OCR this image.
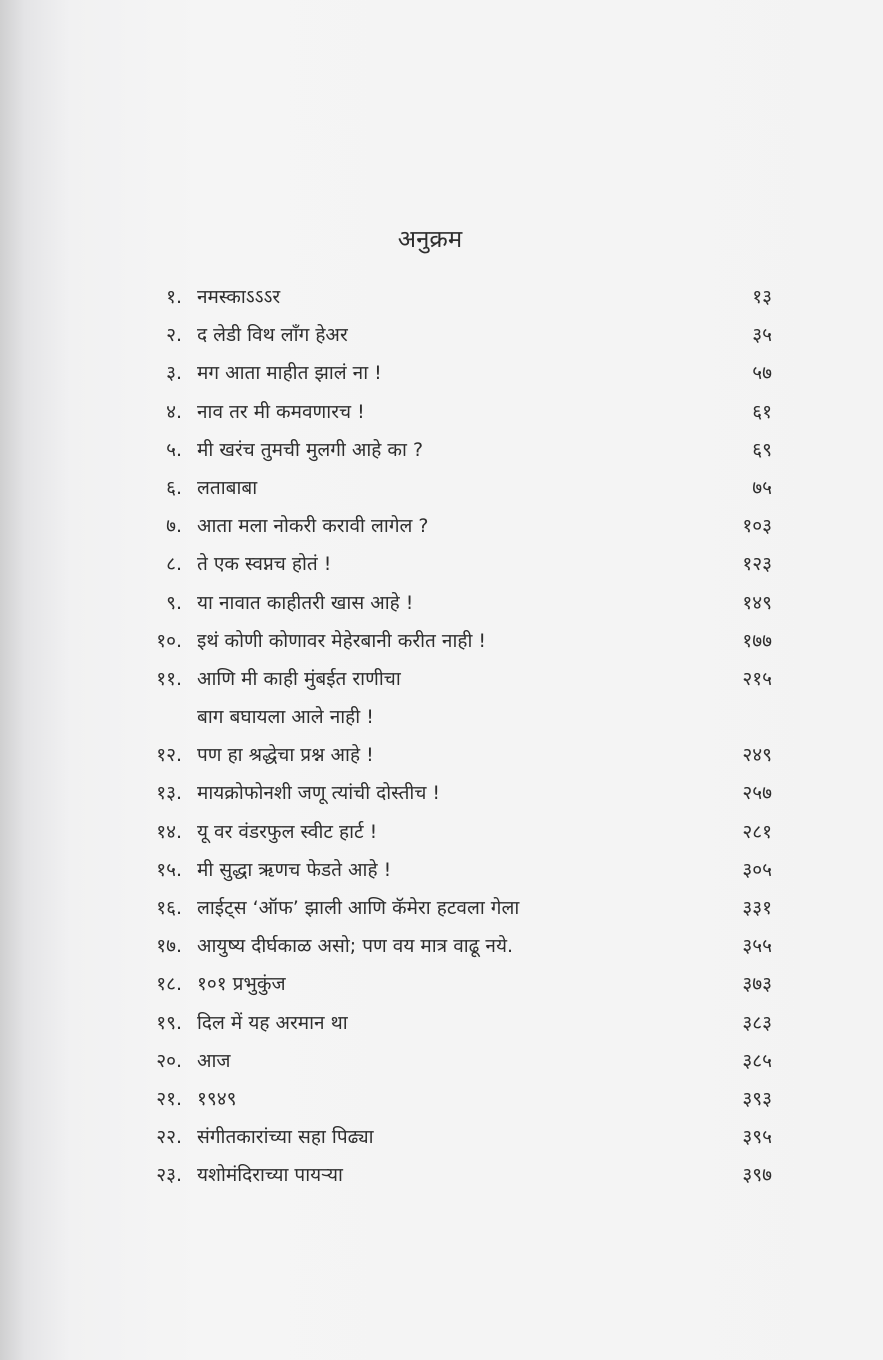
अनुक्रम
१. नमस्काऽऽऽर	१३
२. द लेडी विथ लाँग हेअर	३५
३. मग आता माहीत झालं ना !	५७
४. नाव तर मी कमवणारच !	६१
५. मी खरंच तुमची मुलगी आहे का ?	६९
६. लताबाबा	७५
७. आता मला नोकरी करावी लागेल ?	१०३
८. ते एक स्वप्नच होतं !	१२३
९. या नावात काहीतरी खास आहे !	१४९
१०. इथं कोणी कोणावर मेहेरबानी करीत नाही !	१७७
११. आणि मी काही मुंबईत राणीचा	२१५
बाग बघायला आले नाही !
१२. पण हा श्रद्धेचा प्रश्न आहे !	२४९
१३. मायक्रोफोनशी जणू त्यांची दोस्तीच !	२५७
१४. यू वर वंडरफुल स्वीट हार्ट !	२८१
१५. मी सुद्धा ऋणच फेडते आहे !	३०५
१६. लाईट्स ‘ऑफ’ झाली आणि कॅमेरा हटवला गेला	३३१
१७. आयुष्य दीर्घकाळ असो; पण वय मात्र वाढू नये.	३५५
१८. १०१ प्रभुकुंज	३७३
१९. दिल में यह अरमान था	३८३
२०. आज	३८५
२१. १९४९	३९३
२२. संगीतकारांच्या सहा पिढ्या	३९५
२३. यशोमंदिराच्या पायऱ्या	३९७
